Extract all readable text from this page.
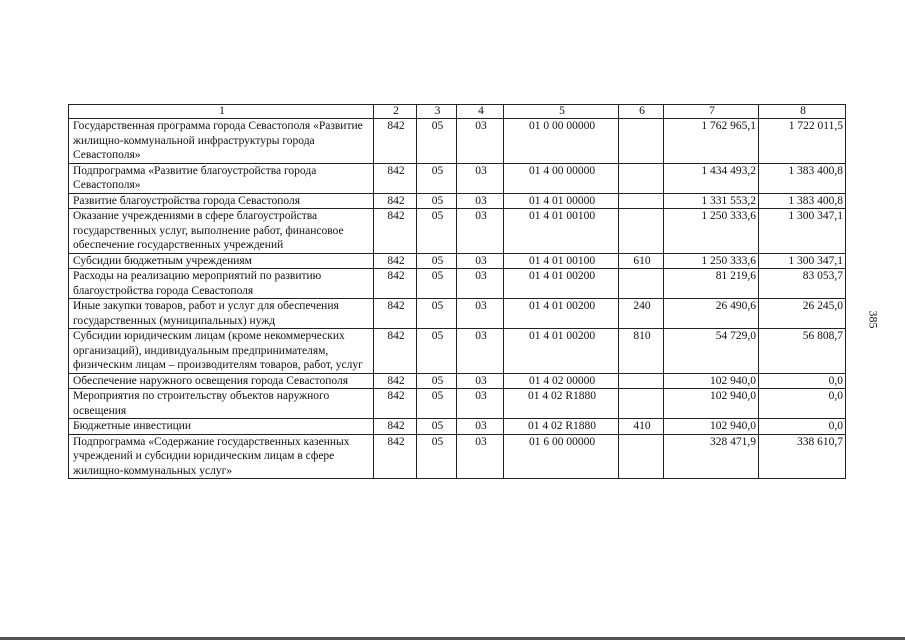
385
1	2	3	4	5	6	7	8
Государственная программа города Севастополя «Развитие жилищно-коммунальной инфраструктуры города Севастополя»	842	05	03	01 0 00 00000		1 762 965,1	1 722 011,5
Подпрограмма «Развитие благоустройства города Севастополя»	842	05	03	01 4 00 00000		1 434 493,2	1 383 400,8
Развитие благоустройства города Севастополя	842	05	03	01 4 01 00000		1 331 553,2	1 383 400,8
Оказание учреждениями в сфере благоустройства государственных услуг, выполнение работ, финансовое обеспечение государственных учреждений	842	05	03	01 4 01 00100		1 250 333,6	1 300 347,1
Субсидии бюджетным учреждениям	842	05	03	01 4 01 00100	610	1 250 333,6	1 300 347,1
Расходы на реализацию мероприятий по развитию благоустройства города Севастополя	842	05	03	01 4 01 00200		81 219,6	83 053,7
Иные закупки товаров, работ и услуг для обеспечения государственных (муниципальных) нужд	842	05	03	01 4 01 00200	240	26 490,6	26 245,0
Субсидии юридическим лицам (кроме некоммерческих организаций), индивидуальным предпринимателям, физическим лицам – производителям товаров, работ, услуг	842	05	03	01 4 01 00200	810	54 729,0	56 808,7
Обеспечение наружного освещения города Севастополя	842	05	03	01 4 02 00000		102 940,0	0,0
Мероприятия по строительству объектов наружного освещения	842	05	03	01 4 02 R1880		102 940,0	0,0
Бюджетные инвестиции	842	05	03	01 4 02 R1880	410	102 940,0	0,0
Подпрограмма «Содержание государственных казенных учреждений и субсидии юридическим лицам в сфере жилищно-коммунальных услуг»	842	05	03	01 6 00 00000		328 471,9	338 610,7
